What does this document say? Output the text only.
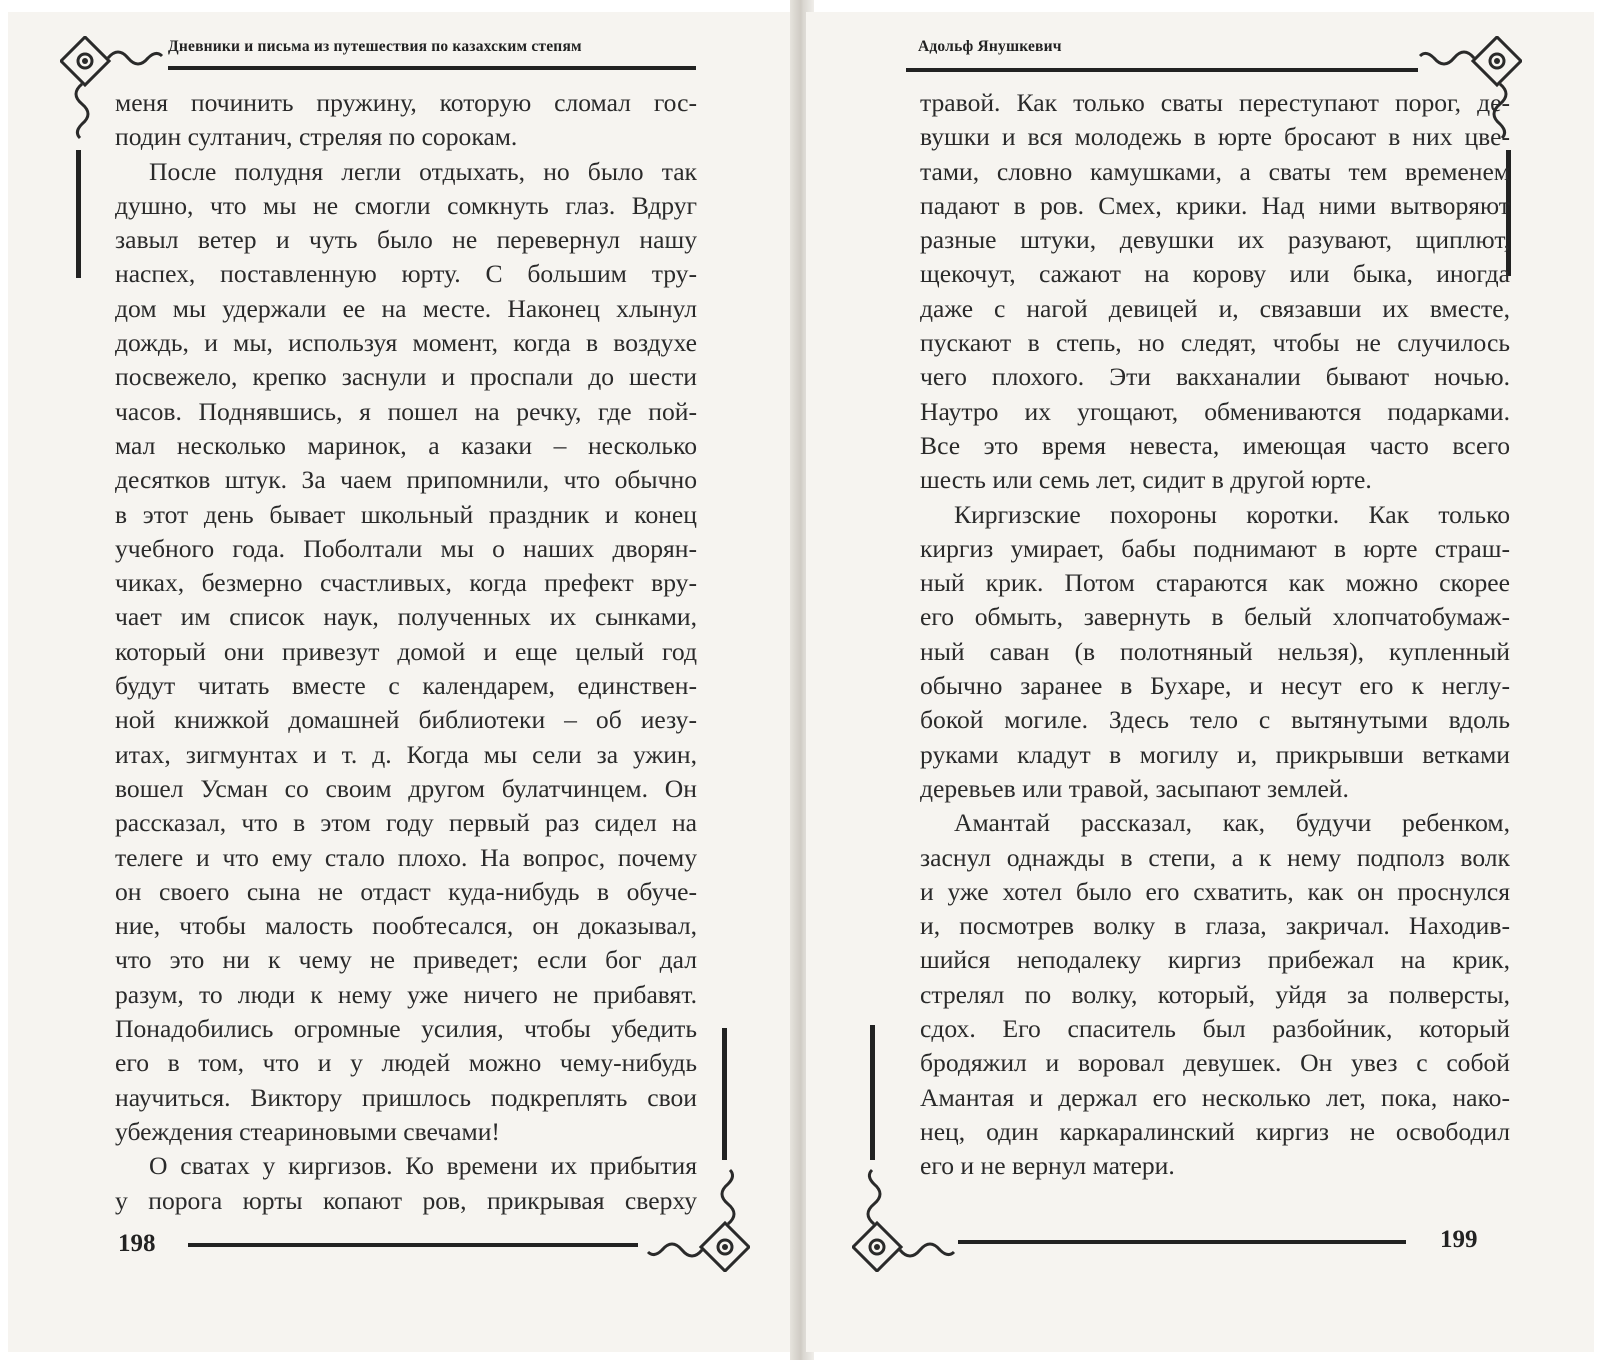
Дневники и письма из путешествия по казахским степям
меня починить пружину, которую сломал гос-
подин султанич, стреляя по сорокам.
После полудня легли отдыхать, но было так
душно, что мы не смогли сомкнуть глаз. Вдруг
завыл ветер и чуть было не перевернул нашу
наспех, поставленную юрту. С большим тру-
дом мы удержали ее на месте. Наконец хлынул
дождь, и мы, используя момент, когда в воздухе
посвежело, крепко заснули и проспали до шести
часов. Поднявшись, я пошел на речку, где пой-
мал несколько маринок, а казаки – несколько
десятков штук. За чаем припомнили, что обычно
в этот день бывает школьный праздник и конец
учебного года. Поболтали мы о наших дворян-
чиках, безмерно счастливых, когда префект вру-
чает им список наук, полученных их сынками,
который они привезут домой и еще целый год
будут читать вместе с календарем, единствен-
ной книжкой домашней библиотеки – об иезу-
итах, зигмунтах и т. д. Когда мы сели за ужин,
вошел Усман со своим другом булатчинцем. Он
рассказал, что в этом году первый раз сидел на
телеге и что ему стало плохо. На вопрос, почему
он своего сына не отдаст куда-нибудь в обуче-
ние, чтобы малость пообтесался, он доказывал,
что это ни к чему не приведет; если бог дал
разум, то люди к нему уже ничего не прибавят.
Понадобились огромные усилия, чтобы убедить
его в том, что и у людей можно чему-нибудь
научиться. Виктору пришлось подкреплять свои
убеждения стеариновыми свечами!
О сватах у киргизов. Ко времени их прибытия
у порога юрты копают ров, прикрывая сверху
198
Адольф Янушкевич
травой. Как только сваты переступают порог, де-
вушки и вся молодежь в юрте бросают в них цве-
тами, словно камушками, а сваты тем временем
падают в ров. Смех, крики. Над ними вытворяют
разные штуки, девушки их разувают, щиплют,
щекочут, сажают на корову или быка, иногда
даже с нагой девицей и, связавши их вместе,
пускают в степь, но следят, чтобы не случилось
чего плохого. Эти вакханалии бывают ночью.
Наутро их угощают, обмениваются подарками.
Все это время невеста, имеющая часто всего
шесть или семь лет, сидит в другой юрте.
Киргизские похороны коротки. Как только
киргиз умирает, бабы поднимают в юрте страш-
ный крик. Потом стараются как можно скорее
его обмыть, завернуть в белый хлопчатобумаж-
ный саван (в полотняный нельзя), купленный
обычно заранее в Бухаре, и несут его к неглу-
бокой могиле. Здесь тело с вытянутыми вдоль
руками кладут в могилу и, прикрывши ветками
деревьев или травой, засыпают землей.
Амантай рассказал, как, будучи ребенком,
заснул однажды в степи, а к нему подполз волк
и уже хотел было его схватить, как он проснулся
и, посмотрев волку в глаза, закричал. Находив-
шийся неподалеку киргиз прибежал на крик,
стрелял по волку, который, уйдя за полверсты,
сдох. Его спаситель был разбойник, который
бродяжил и воровал девушек. Он увез с собой
Амантая и держал его несколько лет, пока, нако-
нец, один каркаралинский киргиз не освободил
его и не вернул матери.
199
